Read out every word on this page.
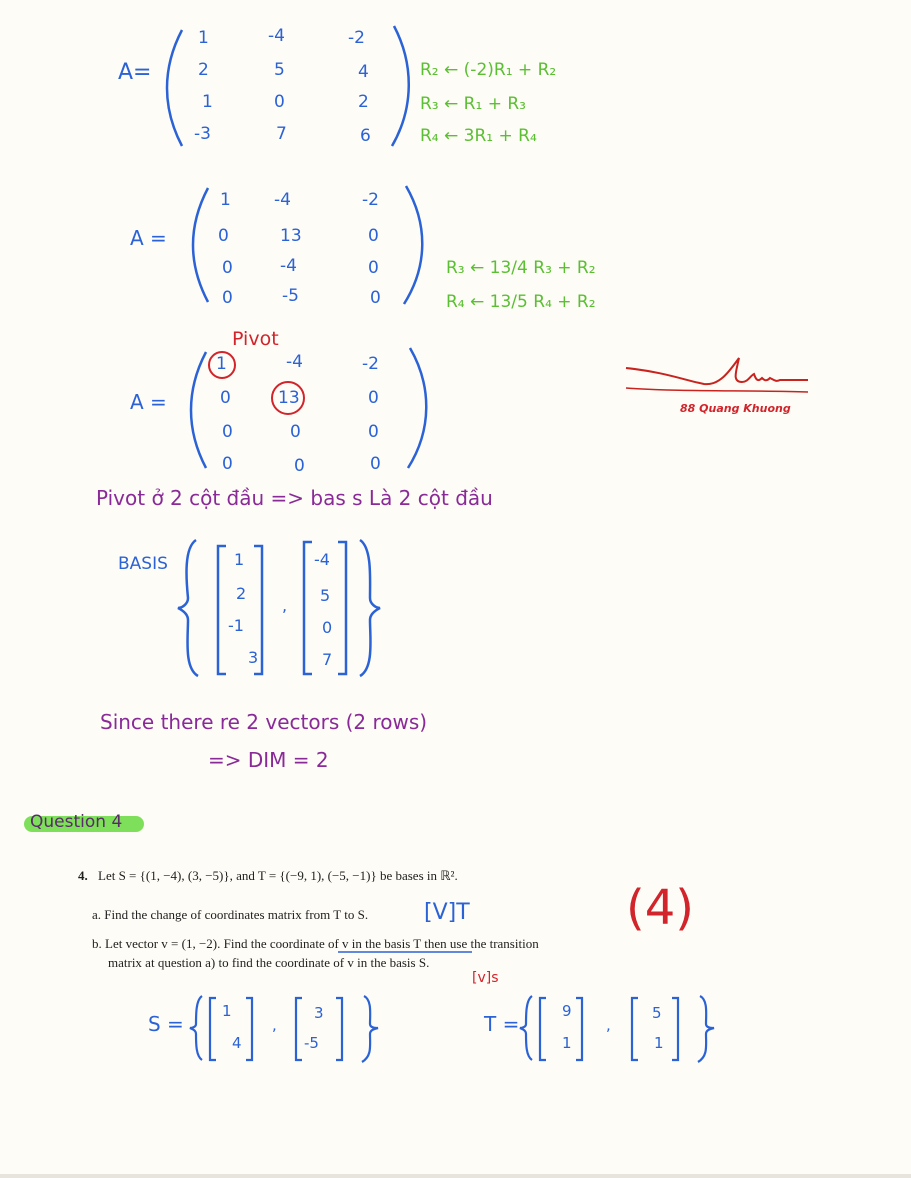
A=
1	-4	-2
2	5	4
1	0	2
-3	7	6
R₂ ← (-2)R₁ + R₂
R₃ ← R₁ + R₃
R₄ ← 3R₁ + R₄
A =
1	-4	-2
0	13	0
0	-4	0
0	-5	0
R₃ ← 13/4 R₃ + R₂
R₄ ← 13/5 R₄ + R₂
Pivot
A =
1	-4	-2
0	13	0
0	0	0
0	0	0
88 Quang Khuong
Pivot ở 2 cột đầu => bas s Là 2 cột đầu
BASIS	1
2
-1
3
,
-4
5
0
7
Since there re 2 vectors (2 rows)
=> DIM = 2
Question 4
4. Let S = {(1, −4), (3, −5)}, and T = {(−9, 1), (−5, −1)} be bases in ℝ².
a. Find the change of coordinates matrix from T to S.
b. Let vector v = (1, −2). Find the coordinate of v in the basis T then use the transition
matrix at question a) to find the coordinate of v in the basis S.
[V]T
[v]s
(4)
S =
1
4
,
3
-5
T =
9
1
,
5
1
